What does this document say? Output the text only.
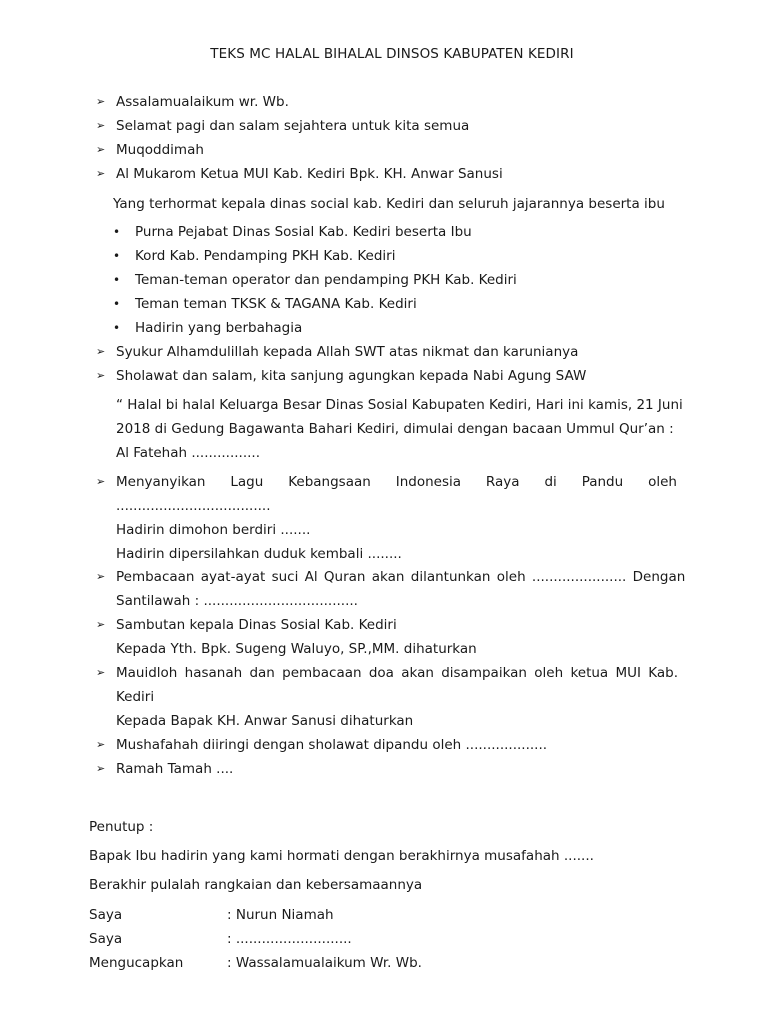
TEKS MC HALAL BIHALAL DINSOS KABUPATEN KEDIRI
➢ Assalamualaikum wr. Wb.
➢ Selamat pagi dan salam sejahtera untuk kita semua
➢ Muqoddimah
➢ Al Mukarom Ketua MUI Kab. Kediri Bpk. KH. Anwar Sanusi
Yang terhormat kepala dinas social kab. Kediri dan seluruh jajarannya beserta ibu
• Purna Pejabat Dinas Sosial Kab. Kediri beserta Ibu
• Kord Kab. Pendamping PKH Kab. Kediri
• Teman-teman operator dan pendamping PKH Kab. Kediri
• Teman teman TKSK & TAGANA Kab. Kediri
• Hadirin yang berbahagia
➢ Syukur Alhamdulillah kepada Allah SWT atas nikmat dan karunianya
➢ Sholawat dan salam, kita sanjung agungkan kepada Nabi Agung SAW
“ Halal bi halal Keluarga Besar Dinas Sosial Kabupaten Kediri, Hari ini kamis, 21 Juni
2018 di Gedung Bagawanta Bahari Kediri, dimulai dengan bacaan Ummul Qur’an :
Al Fatehah ................
➢ Menyanyikan Lagu Kebangsaan Indonesia Raya di Pandu oleh
....................................
Hadirin dimohon berdiri .......
Hadirin dipersilahkan duduk kembali ........
➢ Pembacaan ayat-ayat suci Al Quran akan dilantunkan oleh ...................... Dengan
Santilawah : ....................................
➢ Sambutan kepala Dinas Sosial Kab. Kediri
Kepada Yth. Bpk. Sugeng Waluyo, SP.,MM. dihaturkan
➢ Mauidloh hasanah dan pembacaan doa akan disampaikan oleh ketua MUI Kab.
Kediri
Kepada Bapak KH. Anwar Sanusi dihaturkan
➢ Mushafahah diiringi dengan sholawat dipandu oleh ...................
➢ Ramah Tamah ....
Penutup :
Bapak Ibu hadirin yang kami hormati dengan berakhirnya musafahah .......
Berakhir pulalah rangkaian dan kebersamaannya
Saya	: Nurun Niamah
Saya	: ...........................
Mengucapkan	: Wassalamualaikum Wr. Wb.
